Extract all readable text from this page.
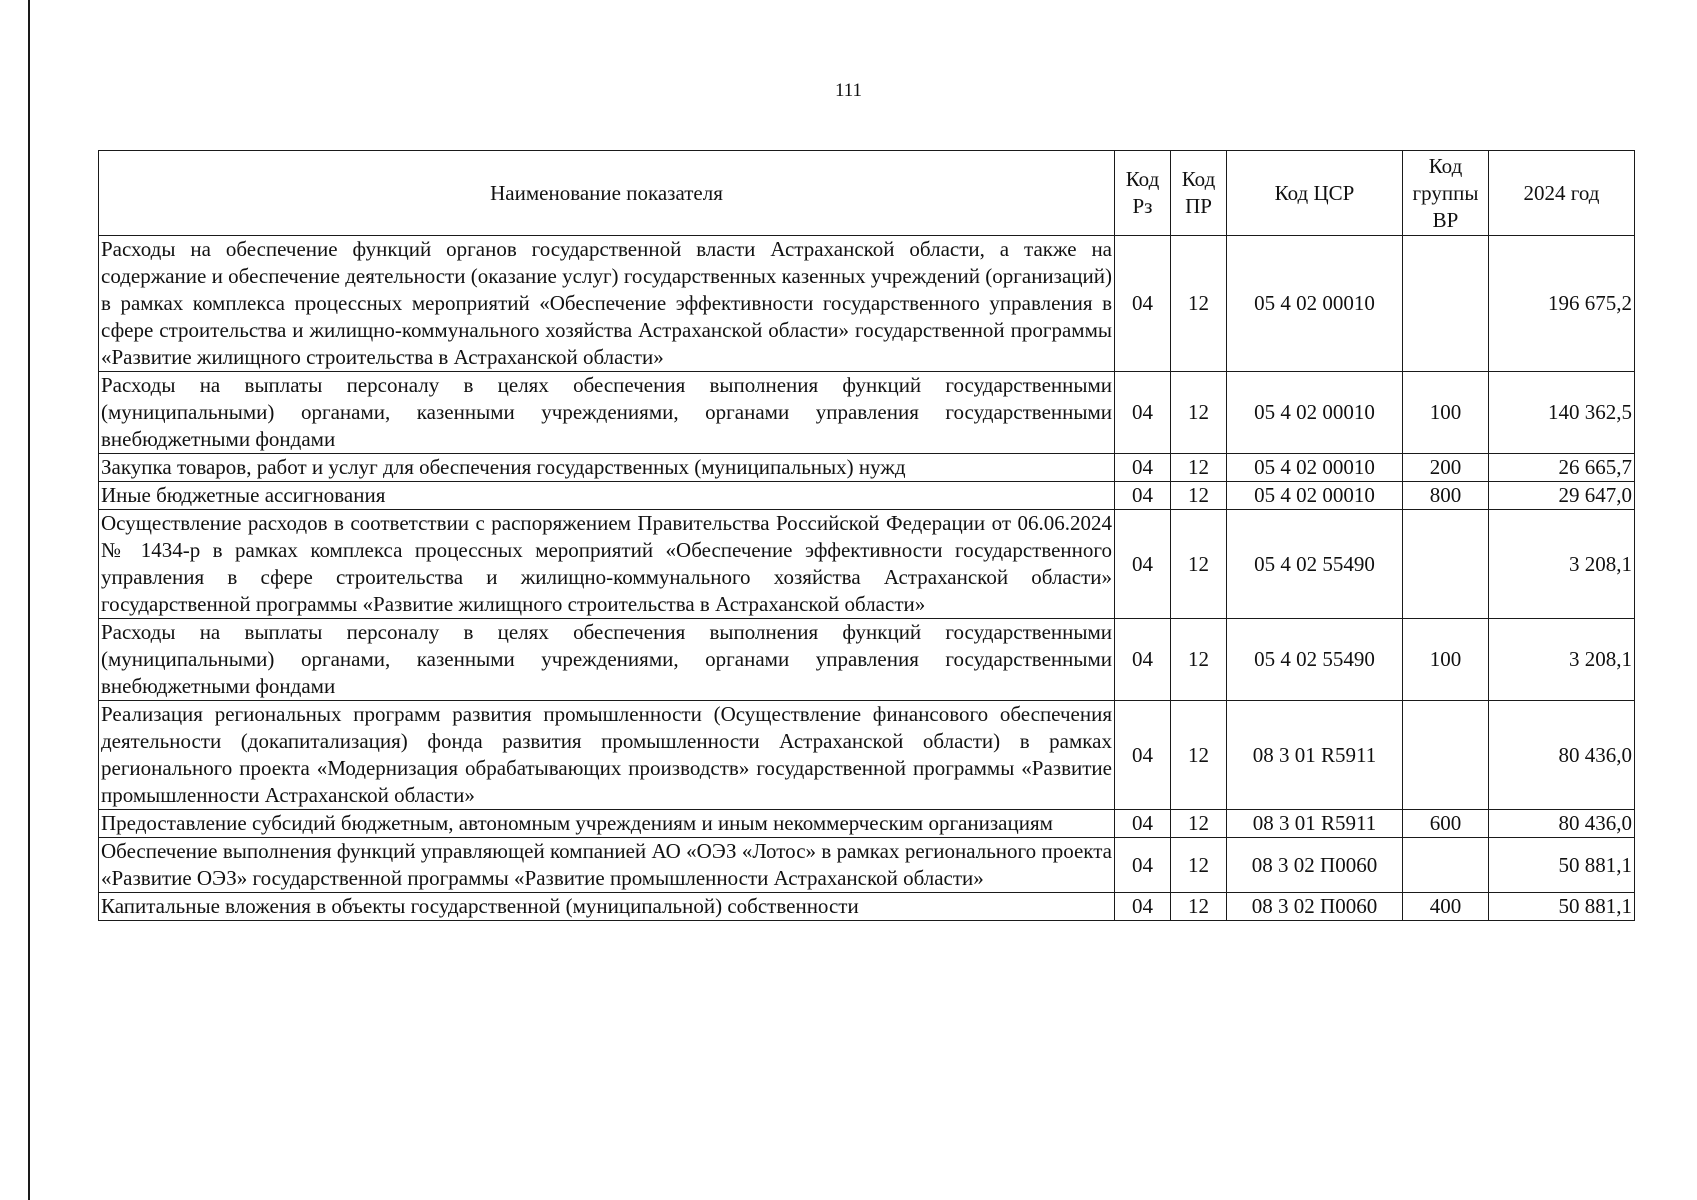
111
Наименование показателя	Код Рз	Код ПР	Код ЦСР	Код группы ВР	2024 год
Расходы на обеспечение функций органов государственной власти Астраханской области, а также на содержание и обеспечение деятельности (оказание услуг) государственных казенных учреждений (организаций) в рамках комплекса процессных мероприятий «Обеспечение эффективности государственного управления в сфере строительства и жилищно-коммунального хозяйства Астраханской области» государственной программы «Развитие жилищного строительства в Астраханской области»	04	12	05 4 02 00010		196 675,2
Расходы на выплаты персоналу в целях обеспечения выполнения функций государственными (муниципальными) органами, казенными учреждениями, органами управления государственными внебюджетными фондами	04	12	05 4 02 00010	100	140 362,5
Закупка товаров, работ и услуг для обеспечения государственных (муниципальных) нужд	04	12	05 4 02 00010	200	26 665,7
Иные бюджетные ассигнования	04	12	05 4 02 00010	800	29 647,0
Осуществление расходов в соответствии с распоряжением Правительства Российской Федерации от 06.06.2024 № 1434-р в рамках комплекса процессных мероприятий «Обеспечение эффективности государственного управления в сфере строительства и жилищно-коммунального хозяйства Астраханской области» государственной программы «Развитие жилищного строительства в Астраханской области»	04	12	05 4 02 55490		3 208,1
Расходы на выплаты персоналу в целях обеспечения выполнения функций государственными (муниципальными) органами, казенными учреждениями, органами управления государственными внебюджетными фондами	04	12	05 4 02 55490	100	3 208,1
Реализация региональных программ развития промышленности (Осуществление финансового обеспечения деятельности (докапитализация) фонда развития промышленности Астраханской области) в рамках регионального проекта «Модернизация обрабатывающих производств» государственной программы «Развитие промышленности Астраханской области»	04	12	08 3 01 R5911		80 436,0
Предоставление субсидий бюджетным, автономным учреждениям и иным некоммерческим организациям	04	12	08 3 01 R5911	600	80 436,0
Обеспечение выполнения функций управляющей компанией АО «ОЭЗ «Лотос» в рамках регионального проекта «Развитие ОЭЗ» государственной программы «Развитие промышленности Астраханской области»	04	12	08 3 02 П0060		50 881,1
Капитальные вложения в объекты государственной (муниципальной) собственности	04	12	08 3 02 П0060	400	50 881,1
